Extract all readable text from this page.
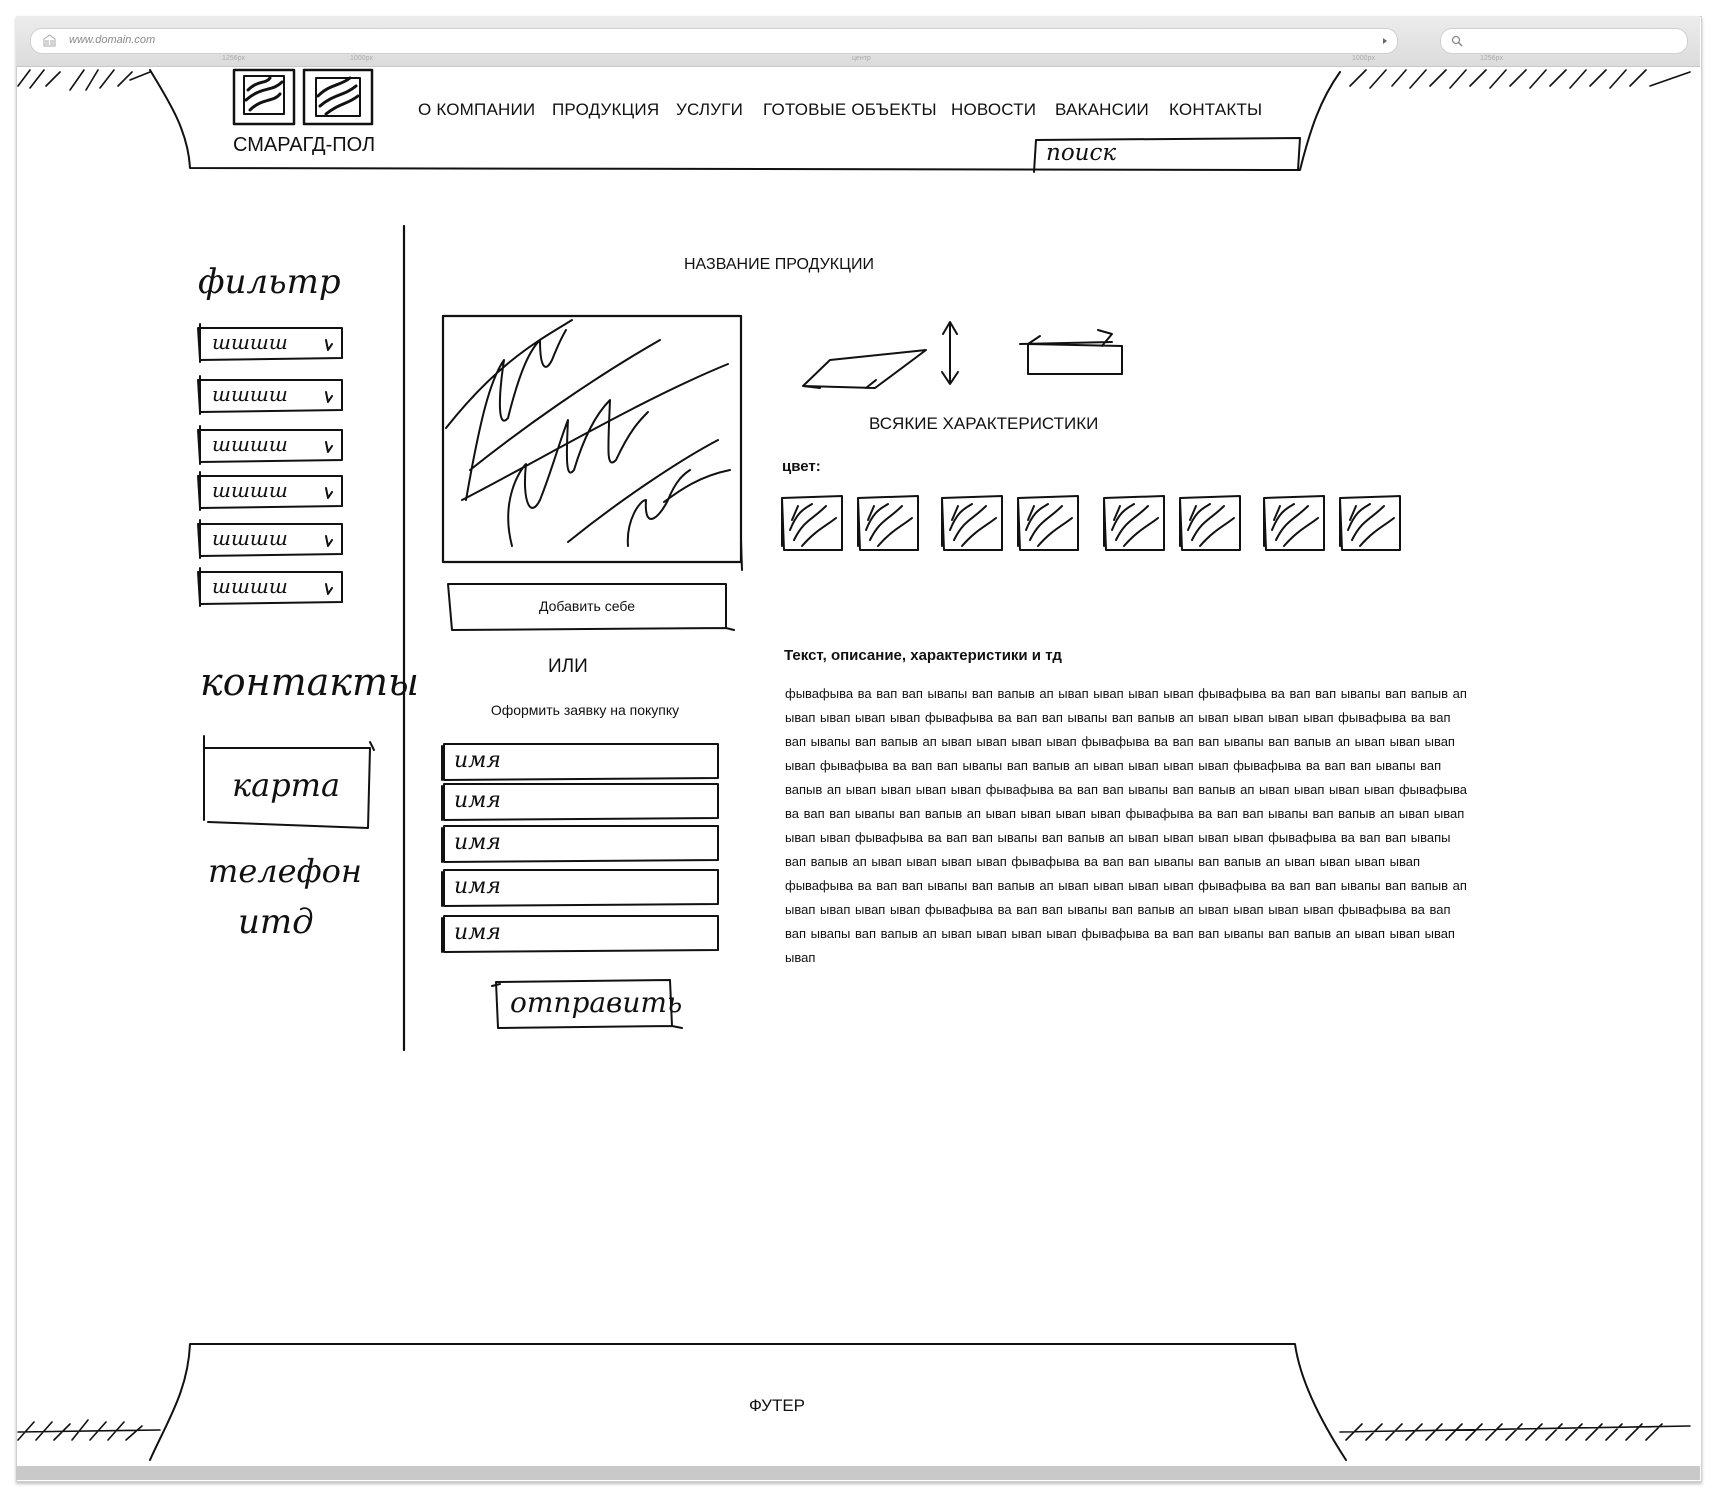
www.domain.com
1256px	1000px	центр	1000px	1256px
СМАРАГД-ПОЛ
О КОМПАНИИ ПРОДУКЦИЯ УСЛУГИ ГОТОВЫЕ ОБЪЕКТЫ НОВОСТИ ВАКАНСИИ КОНТАКТЫ
поиск
фильтр
шшшш
шшшш
шшшш
шшшш
шшшш
шшшш
контакты
карта
телефон
итд
НАЗВАНИЕ ПРОДУКЦИИ
ВСЯКИЕ ХАРАКТЕРИСТИКИ
цвет:
Добавить себе
ИЛИ
Оформить заявку на покупку
имя
имя
имя
имя
имя
отправить
Текст, описание, характеристики и тд
фывафыва ва вап вап ывапы вап вапыв ап ывап ывап ывап ывап фывафыва ва вап вап ывапы вап вапыв ап ывап ывап ывап ывап фывафыва ва вап вап ывапы вап вапыв ап ывап ывап ывап ывап фывафыва ва вап вап ывапы вап вапыв ап ывап ывап ывап ывап фывафыва ва вап вап ывапы вап вапыв ап ывап ывап ывап ывап фывафыва ва вап вап ывапы вап вапыв ап ывап ывап ывап ывап фывафыва ва вап вап ывапы вап вапыв ап ывап ывап ывап ывап фывафыва ва вап вап ывапы вап вапыв ап ывап ывап ывап ывап фывафыва ва вап вап ывапы вап вапыв ап ывап ывап ывап ывап фывафыва ва вап вап ывапы вап вапыв ап ывап ывап ывап ывап фывафыва ва вап вап ывапы вап вапыв ап ывап ывап ывап ывап фывафыва ва вап вап ывапы вап вапыв ап ывап ывап ывап ывап фывафыва ва вап вап ывапы вап вапыв ап ывап ывап ывап ывап фывафыва ва вап вап ывапы вап вапыв ап ывап ывап ывап ывап фывафыва ва вап вап ывапы вап вапыв ап ывап ывап ывап ывап фывафыва ва вап вап ывапы вап вапыв ап ывап ывап ывап ывап фывафыва ва вап вап ывапы вап вапыв ап ывап ывап ывап ывап фывафыва ва вап вап ывапы вап вапыв ап ывап ывап ывап ывап
ФУТЕР
